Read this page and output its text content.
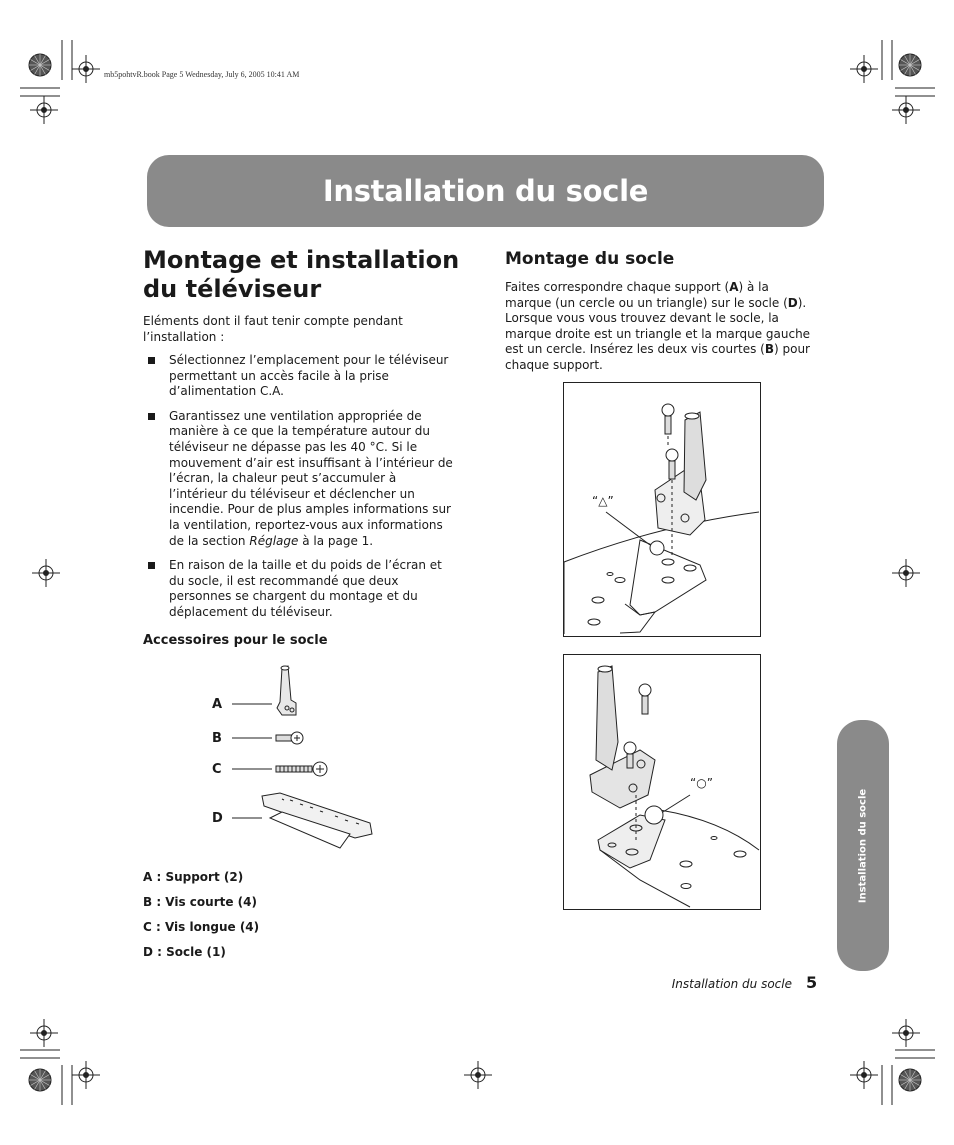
mb5pohtvR.book Page 5 Wednesday, July 6, 2005 10:41 AM
Installation du socle
Installation du socle
Montage et installation du téléviseur
Eléments dont il faut tenir compte pendant l’installation :
Sélectionnez l’emplacement pour le téléviseur permettant un accès facile à la prise d’alimentation C.A.
Garantissez une ventilation appropriée de manière à ce que la température autour du téléviseur ne dépasse pas les 40 °C. Si le mouvement d’air est insuffisant à l’intérieur de l’écran, la chaleur peut s’accumuler à l’intérieur du téléviseur et déclencher un incendie. Pour de plus amples informations sur la ventilation, reportez-vous aux informations de la section Réglage à la page 1.
En raison de la taille et du poids de l’écran et du socle, il est recommandé que deux personnes se chargent du montage et du déplacement du téléviseur.
Accessoires pour le socle
A
B
C
D
A : Support (2)
B : Vis courte (4)
C : Vis longue (4)
D : Socle (1)
Montage du socle
Faites correspondre chaque support (A) à la marque (un cercle ou un triangle) sur le socle (D). Lorsque vous vous trouvez devant le socle, la marque droite est un triangle et la marque gauche est un cercle. Insérez les deux vis courtes (B) pour chaque support.
“△”
“○”
Installation du socle 5
